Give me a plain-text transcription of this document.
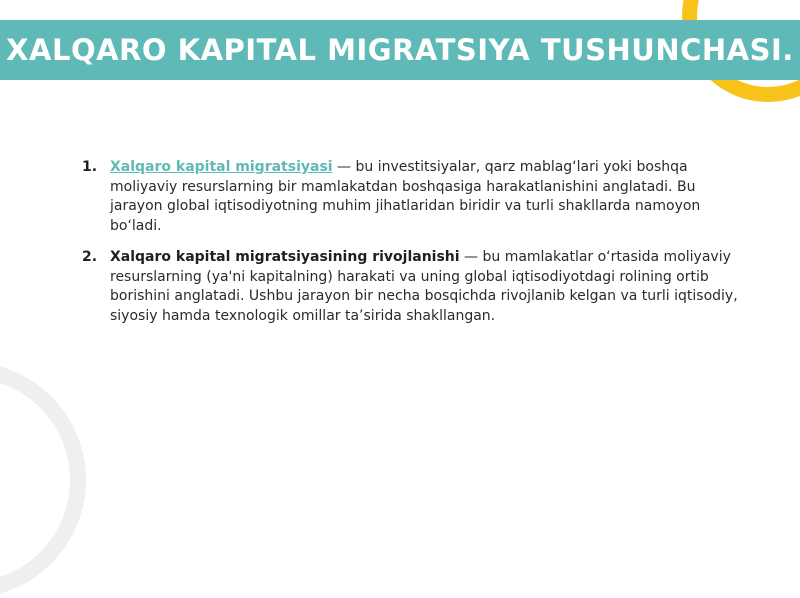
XALQARO KAPITAL MIGRATSIYA TUSHUNCHASI.
1. Xalqaro kapital migratsiyasi — bu investitsiyalar, qarz mablag‘lari yoki boshqa moliyaviy resurslarning bir mamlakatdan boshqasiga harakatlanishini anglatadi. Bu jarayon global iqtisodiyotning muhim jihatlaridan biridir va turli shakllarda namoyon bo‘ladi.
2. Xalqaro kapital migratsiyasining rivojlanishi — bu mamlakatlar o‘rtasida moliyaviy resurslarning (ya'ni kapitalning) harakati va uning global iqtisodiyotdagi rolining ortib borishini anglatadi. Ushbu jarayon bir necha bosqichda rivojlanib kelgan va turli iqtisodiy, siyosiy hamda texnologik omillar ta’sirida shakllangan.
